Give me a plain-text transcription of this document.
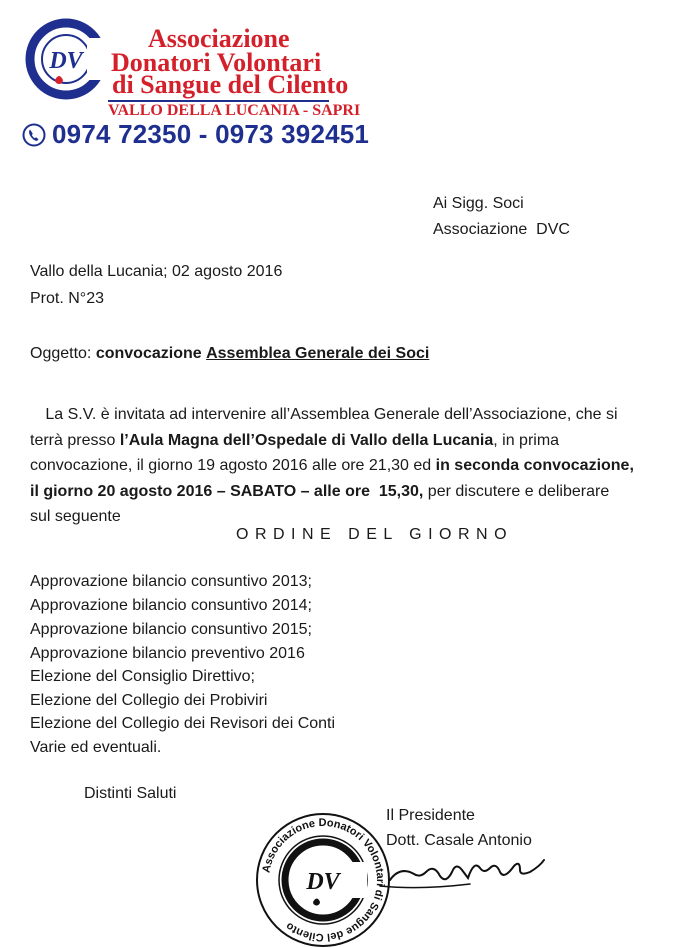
DV
Associazione
Donatori Volontari
di Sangue del Cilento
VALLO DELLA LUCANIA - SAPRI
0974 72350 - 0973 392451
Ai Sigg. Soci
Associazione  DVC
Vallo della Lucania; 02 agosto 2016
Prot. N°23
Oggetto: convocazione Assemblea Generale dei Soci
La S.V. è invitata ad intervenire all’Assemblea Generale dell’Associazione, che si
terrà presso l’Aula Magna dell’Ospedale di Vallo della Lucania, in prima
convocazione, il giorno 19 agosto 2016 alle ore 21,30 ed in seconda convocazione,
il giorno 20 agosto 2016 – SABATO – alle ore  15,30, per discutere e deliberare
sul seguente
ORDINE DEL GIORNO
Approvazione bilancio consuntivo 2013;
Approvazione bilancio consuntivo 2014;
Approvazione bilancio consuntivo 2015;
Approvazione bilancio preventivo 2016
Elezione del Consiglio Direttivo;
Elezione del Collegio dei Probiviri
Elezione del Collegio dei Revisori dei Conti
Varie ed eventuali.
Distinti Saluti
Associazione Donatori Volontari di Sangue del Cilento
DV
Il Presidente
Dott. Casale Antonio
